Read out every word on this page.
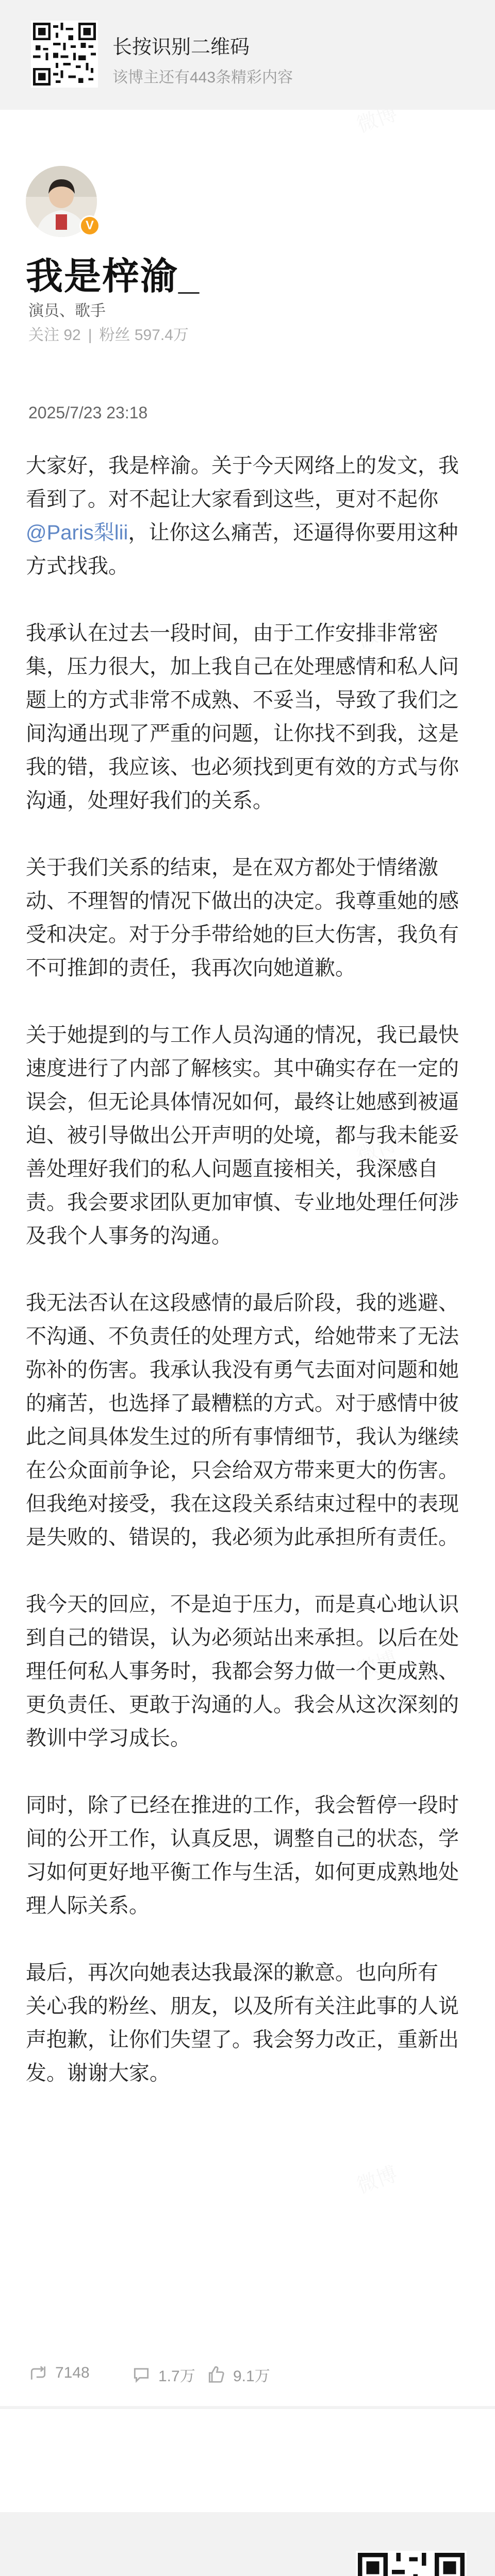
长按识别二维码
该博主还有443条精彩内容
V
我是梓渝_
演员、歌手
关注 92 | 粉丝 597.4万
2025/7/23 23:18

大家好，我是梓渝。关于今天网络上的发文，我
看到了。对不起让大家看到这些，更对不起你
@Paris梨lii，让你这么痛苦，还逼得你要用这种
方式找我。

我承认在过去一段时间，由于工作安排非常密
集，压力很大，加上我自己在处理感情和私人问
题上的方式非常不成熟、不妥当，导致了我们之
间沟通出现了严重的问题，让你找不到我，这是
我的错，我应该、也必须找到更有效的方式与你
沟通，处理好我们的关系。

关于我们关系的结束，是在双方都处于情绪激
动、不理智的情况下做出的决定。我尊重她的感
受和决定。对于分手带给她的巨大伤害，我负有
不可推卸的责任，我再次向她道歉。

关于她提到的与工作人员沟通的情况，我已最快
速度进行了内部了解核实。其中确实存在一定的
误会，但无论具体情况如何，最终让她感到被逼
迫、被引导做出公开声明的处境，都与我未能妥
善处理好我们的私人问题直接相关，我深感自
责。我会要求团队更加审慎、专业地处理任何涉
及我个人事务的沟通。

我无法否认在这段感情的最后阶段，我的逃避、
不沟通、不负责任的处理方式，给她带来了无法
弥补的伤害。我承认我没有勇气去面对问题和她
的痛苦，也选择了最糟糕的方式。对于感情中彼
此之间具体发生过的所有事情细节，我认为继续
在公众面前争论，只会给双方带来更大的伤害。
但我绝对接受，我在这段关系结束过程中的表现
是失败的、错误的，我必须为此承担所有责任。

我今天的回应，不是迫于压力，而是真心地认识
到自己的错误，认为必须站出来承担。以后在处
理任何私人事务时，我都会努力做一个更成熟、
更负责任、更敢于沟通的人。我会从这次深刻的
教训中学习成长。

同时，除了已经在推进的工作，我会暂停一段时
间的公开工作，认真反思，调整自己的状态，学
习如何更好地平衡工作与生活，如何更成熟地处
理人际关系。

最后，再次向她表达我最深的歉意。也向所有
关心我的粉丝、朋友，以及所有关注此事的人说
声抱歉，让你们失望了。我会努力改正，重新出
发。谢谢大家。

7148	1.7万 9.1万
